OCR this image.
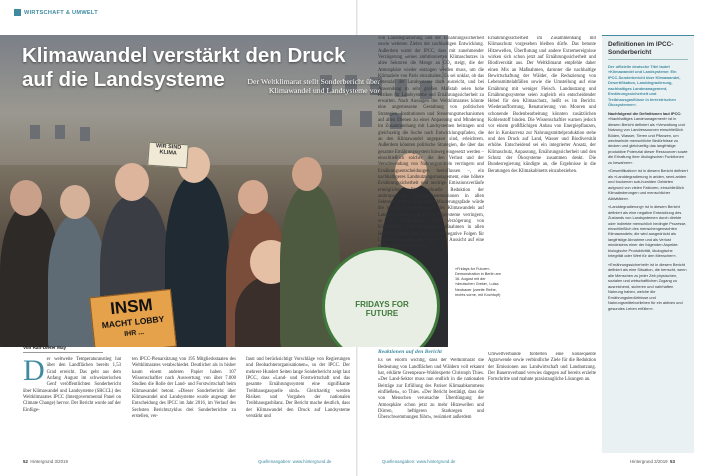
WIRTSCHAFT & UMWELT
WIR SIND
KLIMA
INSM
MACHT LOBBY
IHR ...
FRIDAYS FOR FUTURE
Klimawandel verstärkt den Druck auf die Landsysteme	Der Weltklimarat stellt Sonderbericht über Klimawandel und Landsysteme vor
picture alliance
»Fridays for Future«-Demonstration in Berlin am 16. August mit der »deutschen Greta«, Luisa Neubauer (zweite Reihe, rechts vorne, mit Kochtopf)
Von Ralf-Dieter May
Der weltweite Temperaturanstieg hat über den Landflächen bereits 1,53 Grad erreicht. Das geht aus dem Anfang August im schweizerischen Genf veröffentlichten Sonderbericht über Klimawandel und Landsysteme (SRCCL) des Weltklimarates IPCC (Intergovernmental Panel on Climate Change) hervor. Der Bericht wurde auf der Einfüge-
ten IPCC-Plenarsitzung von 195 Mitgliedsstaaten des Weltklimarates verabschiedet. Deutlicher als in bisher kaum einem anderen Papier haben 107 Wissenschaftler nach Auswertung von über 7.000 Studien die Rolle der Land- und Forstwirtschaft beim Klimawandel betont. »Dieser Sonderbericht über Klimawandel und Landsysteme wurde angesagt der Entscheidung des IPCC im Jahr 2016, im Verlauf des Sechsten Berichtszyklus drei Sonderberichte zu erstellen, ver-
fasst und berücksichtigt Vorschläge von Regierungen und Beobachterorganisationen«, so der IPCC. Der mehrere Hundert Seiten lange Sonderbericht zeigt laut IPCC, dass »Land- und Forstwirtschaft und das gesamte Ernährungssystem eine signifikante Treibhausgasquelle sind«. Gleichzeitig werden Risiken und Vorgaben der nationalen Treibhausgasbilanz. Der Bericht mache deutlich, dass der Klimawandel den Druck auf Landsysteme verstärkt und
von Landdegradierung und der Ernährungssicherheit sowie weiteren Zielen der nachhaltigen Entwicklung. Außerdem warnt der IPCC, dass mit zunehmender Verzögerung »eines ambitionierten Klimaschutzes in allen Sektoren die Menge an CO₂ steigt, die der Atmosphäre wieder entzogen werden muss, um die Klimaziele von Paris einzuhalten. Es sei unklar, ob das Potenzial der Landsysteme dazu ausreicht, und bei Anwendung in sehr großen Maßstab seien hohe Risiken für Landsysteme und Ernährungssicherheit zu erwarten. Nach Aussagen des Weltklimarates könnte eine angemessene Gestaltung von politischen Strategien, Institutionen und Steuerungsmechanismen auf allen Ebenen zu einer Anpassung und Minderung im Zusammenhang mit Landsystemen beitragen und gleichzeitig die Suche nach Entwicklungspfaden, die an den Klimawandel angepasst sind, erleichtern. Außerdem könnten politische Strategien, die über das gesamte Ernährungssystem hinweg eingesetzt werden – einschließlich solcher, die den Verlust und der Verschwendung von Nahrungsmitteln verringern und Ernährungsentscheidungen beeinflussen –, ein nachhaltigeres Landnutzungsmanagement, eine höhere Ernährungssicherheit und niedrige Emissionsverläufe ermöglichen. Eine schnelle Reduktion der anthropogenen Treibhausgasemissionen in allen Sektoren entlang ehrgeiziger Minderungspfade würde die negativen Auswirkungen des Klimawandels auf Landökosysteme und Ernährungssysteme verringern, so der Weltklimarat. Eine Verzögerung von Klimaschutz- und Anpassungsmaßnahmen in allen Bereichen hätte indes zunehmend negative Folgen für Landsysteme und konterkariere die Aussicht auf eine nachhaltige Entwicklung.
Reaktionen auf den Bericht
Es sei enorm wichtig, dass der Weltklimarat die Bedeutung von Landflächen und Wäldern voll erkannt hat, erklärte Greenpeace-Waldexperte Christoph Thies. »Der Land-Sektor muss nun endlich in die nationalen Beiträge zur Erfüllung des Pariser Klimaabkommens einfließen«, so Thies. »Der Bericht bestätigt, dass die von Menschen verursachte Überdüngung der Atmosphäre schon jetzt zu mehr Hitzewellen und Dürren, heftigeren Starkregen und Überschwemmungen führt«, resümiert außerdem
Ernährungssicherheit im Zusammenhang mit Klimaschutz vorgesehen bleiben dürfe. Das betonte Hitzewellen, Überflutung und andere Extremereignisse wirken sich schon jetzt auf Ernährungssicherheit und Biodiversität aus. Der Weltklimarat empfehle daher einen Mix an Maßnahmen, darunter die nachhaltige Bewirtschaftung der Wälder, die Reduzierung von Lebensmittelabfällen sowie die Umstellung auf eine Ernährung mit weniger Fleisch. Landnutzung und Ernährungssysteme seien zugleich ein entscheidender Hebel für den Klimaschutz, heißt es im Bericht. Wiederaufforstung, Renaturierung von Mooren und schonende Bodenbearbeitung könnten zusätzlichen Kohlenstoff binden. Die Wissenschaftler warnen jedoch vor einem großflächigen Anbau von Energiepflanzen, der in Konkurrenz zur Nahrungsmittelproduktion stehe und den Druck auf Land, Wasser und Biodiversität erhöhe. Entscheidend sei ein integrierter Ansatz, der Klimaschutz, Anpassung, Ernährungssicherheit und den Schutz der Ökosysteme zusammen denkt. Die Bundesregierung kündigte an, die Ergebnisse in die Beratungen des Klimakabinetts einzubeziehen.
Umweltverbände forderten eine konsequente Agrarwende sowie verbindliche Ziele für die Reduktion der Emissionen aus Landwirtschaft und Landnutzung. Der Bauernverband verwies dagegen auf bereits erzielte Fortschritte und mahnte praxistaugliche Lösungen an.
Definitionen im IPCC-Sonderbericht
Der offizielle deutsche Titel lautet »Klimawandel und Landsysteme: Ein IPCC-Sonderbericht über Klimawandel, Desertifikation, Landdegradierung, nachhaltiges Landmanagement, Ernährungssicherheit und Treibhausgasflüsse in terrestrischen Ökosystemen«.
Nachfolgend die Definitionen laut IPCC:
»Nachhaltiges Landmanagement« ist in diesem Bericht definiert als »Verwaltung und Nutzung von Landressourcen einschließlich Böden, Wasser, Tieren und Pflanzen, um wechselnde menschliche Bedürfnisse zu decken und gleichzeitig das langfristige produktive Potenzial dieser Ressourcen sowie die Erhaltung ihrer ökologischen Funktionen zu bewahren«.
»Desertifikation« ist in diesem Bericht definiert als »Landdegradierung in ariden, semi-ariden und trockenen sub-humiden Gebieten aufgrund von vielen Faktoren, einschließlich Klimaänderungen und menschlicher Aktivitäten«.
»Landdegradierung« ist in diesem Bericht definiert als eine negative Entwicklung des Zustands von Landsystemen durch direkte oder indirekte menschlich bedingte Prozesse, einschließlich des menschengemachten Klimawandels; die wird ausgedrückt als langfristige Abnahme und als Verlust mindestens einer der folgenden Aspekte: biologische Produktivität, ökologische Integrität oder Wert für den Menschen«.
»Ernährungssicherheit« ist in diesem Bericht definiert als eine Situation, die herrscht, wenn alle Menschen zu jeder Zeit physischen, sozialen und wirtschaftlichen Zugang zu ausreichend, sicheren und nahrhaften Nahrung haben, welche die Ernährungsbedürfnisse und Nahrungsmittelvorlieben für ein aktives und gesundes Leben erfüllen«.
52 Hintergrund 3/2019	Quellenangaben: www.hintergrund.de	Quellenangaben: www.hintergrund.de	Hintergrund 3/2019 53
